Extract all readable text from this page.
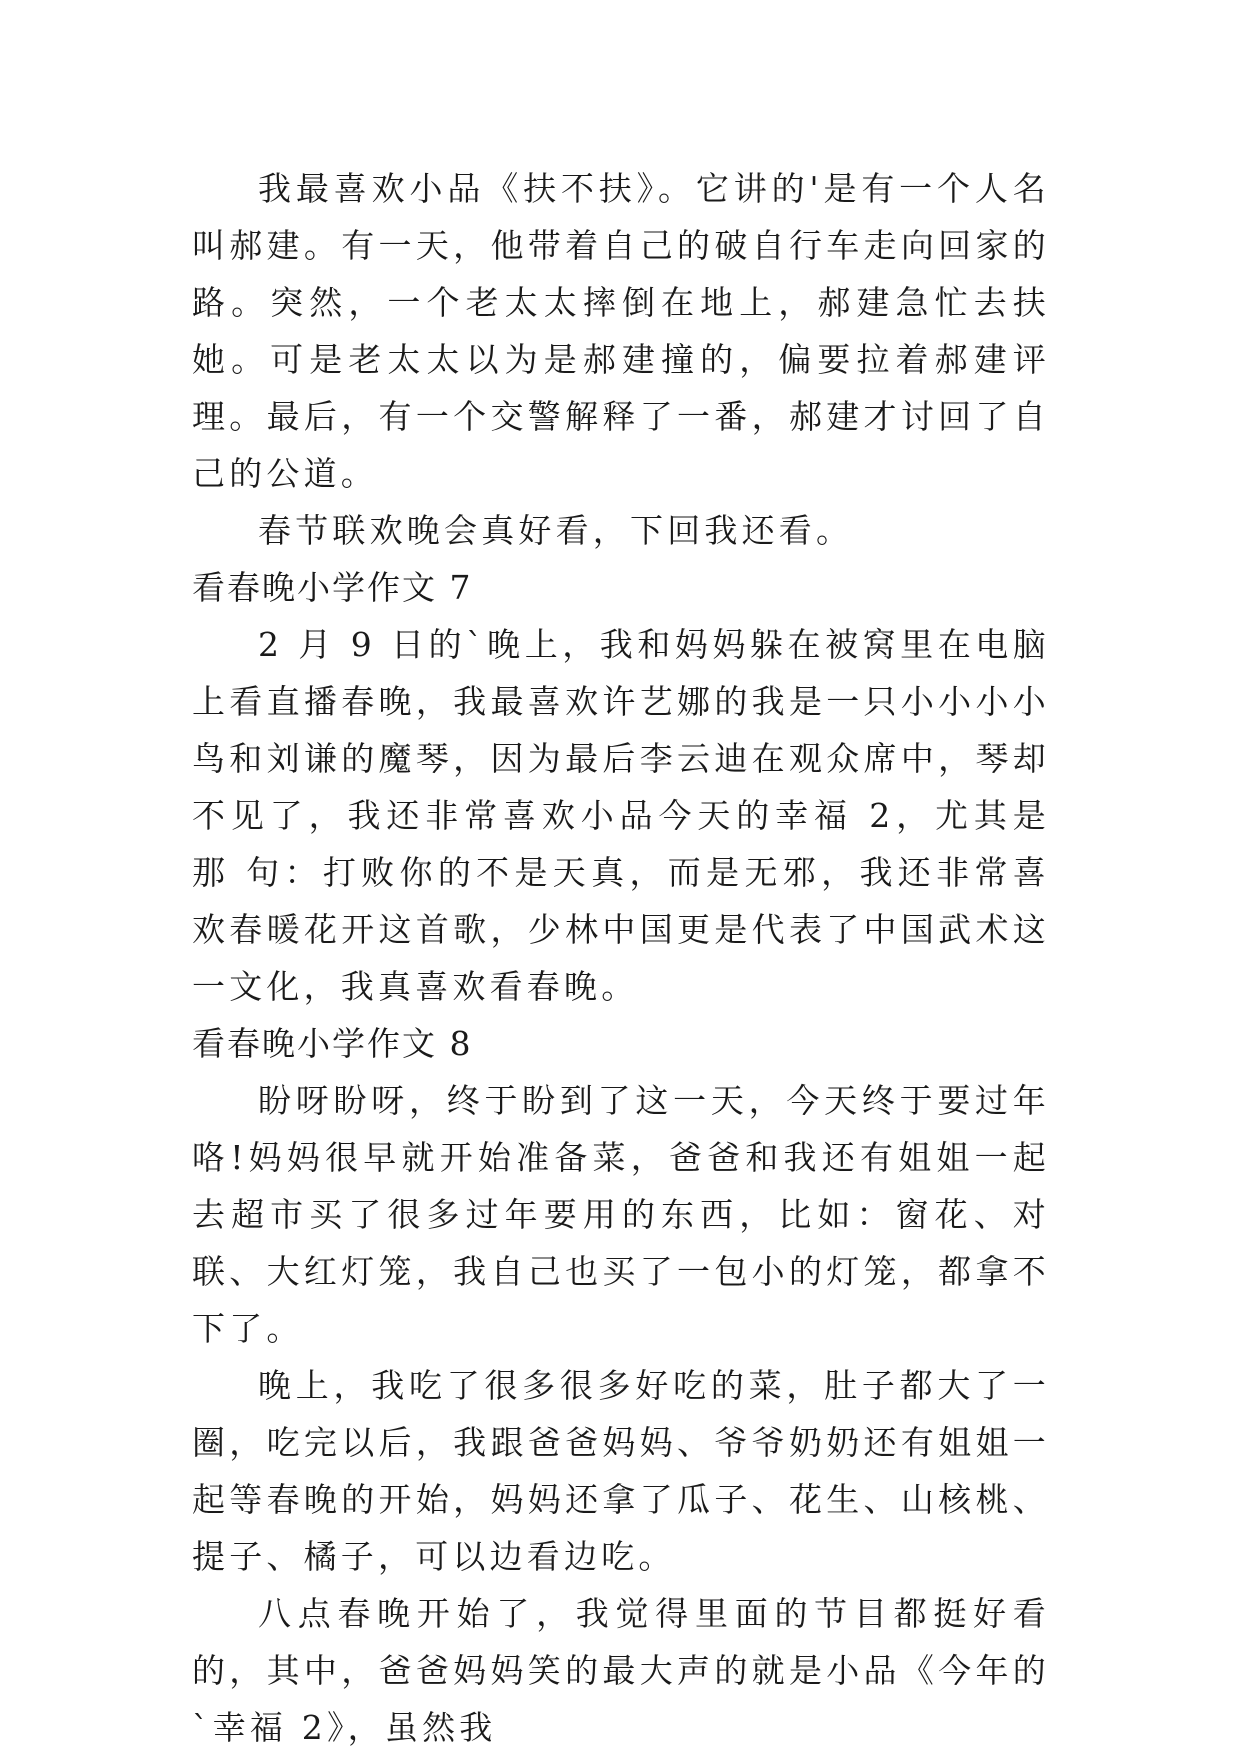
我最喜欢小品《扶不扶》。它讲的'是有一个人名叫郝建。有一天，他带着自己的破自行车走向回家的路。突然，一个老太太摔倒在地上，郝建急忙去扶她。可是老太太以为是郝建撞的，偏要拉着郝建评理。最后，有一个交警解释了一番，郝建才讨回了自己的公道。

春节联欢晚会真好看，下回我还看。

看春晚小学作文 7

2 月 9 日的`晚上，我和妈妈躲在被窝里在电脑上看直播春晚，我最喜欢许艺娜的我是一只小小小小鸟和刘谦的魔琴，因为最后李云迪在观众席中，琴却不见了，我还非常喜欢小品今天的幸福 2，尤其是那 句：打败你的不是天真，而是无邪，我还非常喜欢春暖花开这首歌，少林中国更是代表了中国武术这一文化，我真喜欢看春晚。

看春晚小学作文 8

盼呀盼呀，终于盼到了这一天，今天终于要过年咯!妈妈很早就开始准备菜，爸爸和我还有姐姐一起去超市买了很多过年要用的东西，比如：窗花、对联、大红灯笼，我自己也买了一包小的灯笼，都拿不下了。

晚上，我吃了很多很多好吃的菜，肚子都大了一圈，吃完以后，我跟爸爸妈妈、爷爷奶奶还有姐姐一起等春晚的开始，妈妈还拿了瓜子、花生、山核桃、提子、橘子，可以边看边吃。

八点春晚开始了，我觉得里面的节目都挺好看的，其中，爸爸妈妈笑的最大声的就是小品《今年的`幸福 2》，虽然我
